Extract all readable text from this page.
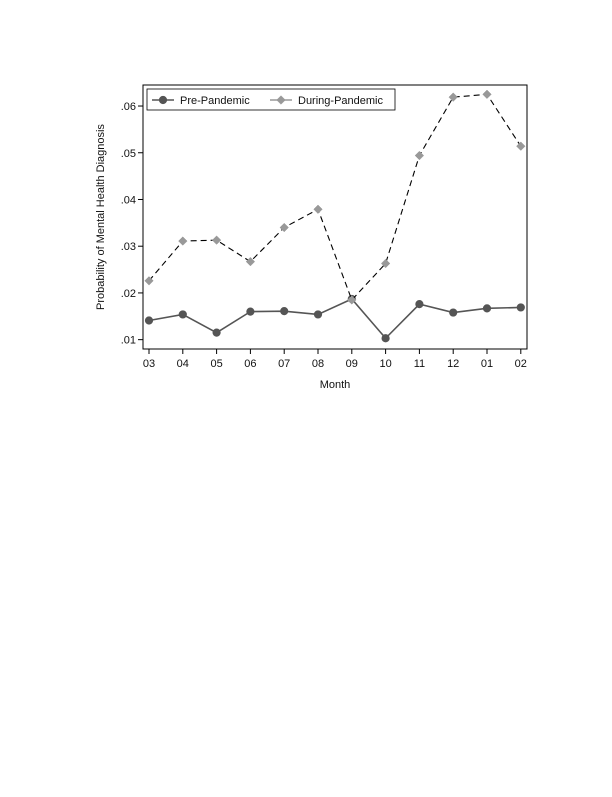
Probability of Mental Health Diagnosis
Month
.01
.02
.03
.04
.05
.06
03 04 05 06 07 08 09 10 11 12 01 02
Pre-Pandemic	During-Pandemic
